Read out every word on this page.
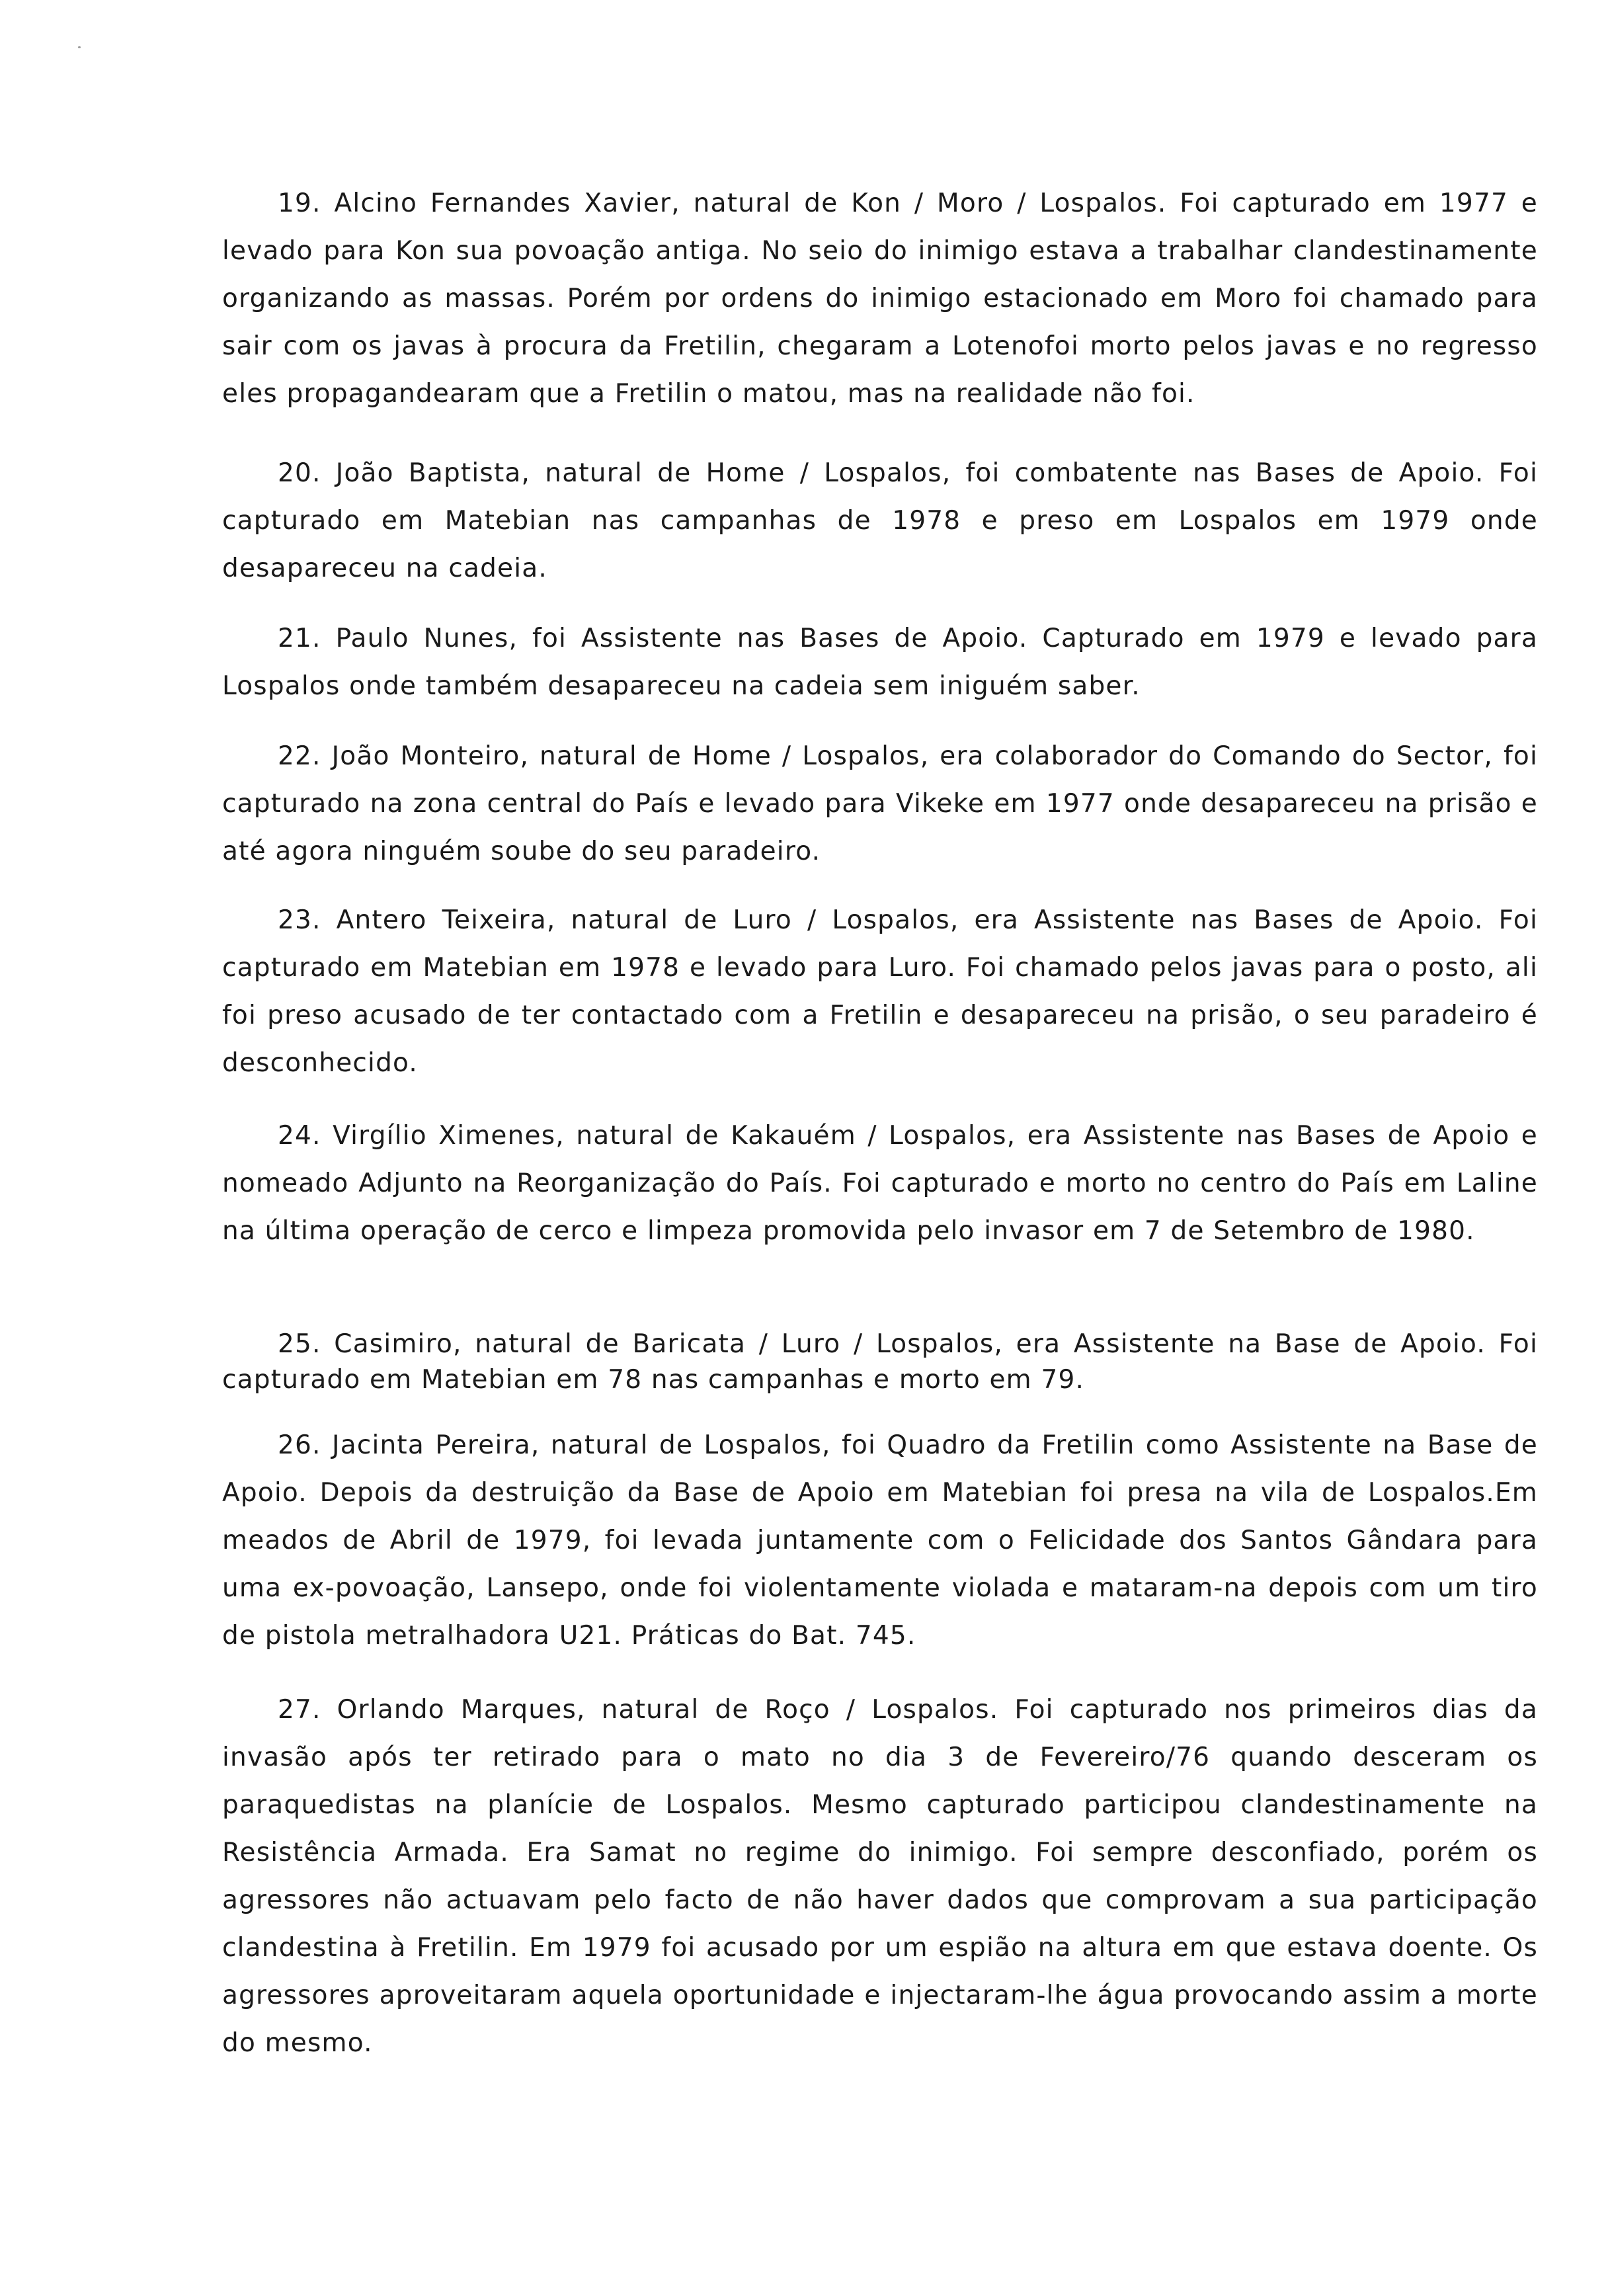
19. Alcino Fernandes Xavier, natural de Kon / Moro / Lospalos. Foi capturado em 1977 e levado para Kon sua povoação antiga. No seio do inimigo estava a trabalhar clandestinamente organizando as massas. Porém por ordens do inimigo estacionado em Moro foi chamado para sair com os javas à procura da Fretilin, chegaram a Lotenofoi morto pelos javas e no regresso eles propagandearam que a Fretilin o matou, mas na realidade não foi.

20. João Baptista, natural de Home / Lospalos, foi combatente nas Bases de Apoio. Foi capturado em Matebian nas campanhas de 1978 e preso em Lospalos em 1979 onde desapareceu na cadeia.

21. Paulo Nunes, foi Assistente nas Bases de Apoio. Capturado em 1979 e levado para Lospalos onde também desapareceu na cadeia sem iniguém saber.

22. João Monteiro, natural de Home / Lospalos, era colaborador do Comando do Sector, foi capturado na zona central do País e levado para Vikeke em 1977 onde desapareceu na prisão e até agora ninguém soube do seu paradeiro.

23. Antero Teixeira, natural de Luro / Lospalos, era Assistente nas Bases de Apoio. Foi capturado em Matebian em 1978 e levado para Luro. Foi chamado pelos javas para o posto, ali foi preso acusado de ter contactado com a Fretilin e desapareceu na prisão, o seu paradeiro é desconhecido.

24. Virgílio Ximenes, natural de Kakauém / Lospalos, era Assistente nas Bases de Apoio e nomeado Adjunto na Reorganização do País. Foi capturado e morto no centro do País em Laline na última operação de cerco e limpeza promovida pelo invasor em 7 de Setembro de 1980.

25. Casimiro, natural de Baricata / Luro / Lospalos, era Assistente na Base de Apoio. Foi capturado em Matebian em 78 nas campanhas e morto em 79.

26. Jacinta Pereira, natural de Lospalos, foi Quadro da Fretilin como Assistente na Base de Apoio. Depois da destruição da Base de Apoio em Matebian foi presa na vila de Lospalos.Em meados de Abril de 1979, foi levada juntamente com o Felicidade dos Santos Gândara para uma ex-povoação, Lansepo, onde foi violentamente violada e mataram-na depois com um tiro de pistola metralhadora U21. Práticas do Bat. 745.

27. Orlando Marques, natural de Roço / Lospalos. Foi capturado nos primeiros dias da invasão após ter retirado para o mato no dia 3 de Fevereiro/76 quando desceram os paraquedistas na planície de Lospalos. Mesmo capturado participou clandestinamente na Resistência Armada. Era Samat no regime do inimigo. Foi sempre desconfiado, porém os agressores não actuavam pelo facto de não haver dados que comprovam a sua participação clandestina à Fretilin. Em 1979 foi acusado por um espião na altura em que estava doente. Os agressores aproveitaram aquela oportunidade e injectaram-lhe água provocando assim a morte do mesmo.
